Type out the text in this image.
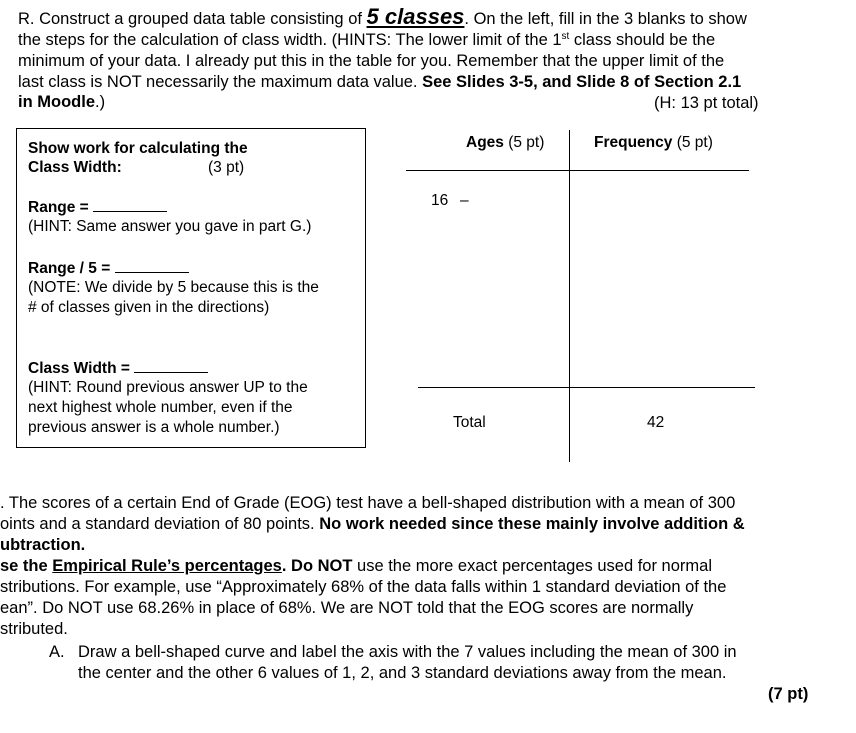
R. Construct a grouped data table consisting of 5 classes. On the left, fill in the 3 blanks to show
the steps for the calculation of class width. (HINTS: The lower limit of the 1st class should be the
minimum of your data. I already put this in the table for you. Remember that the upper limit of the
last class is NOT necessarily the maximum data value. See Slides 3-5, and Slide 8 of Section 2.1
in Moodle.)	(H: 13 pt total)
Show work for calculating the
Class Width:	(3 pt)
Range =
(HINT: Same answer you gave in part G.)
Range / 5 =
(NOTE: We divide by 5 because this is the
# of classes given in the directions)
Class Width =
(HINT: Round previous answer UP to the
next highest whole number, even if the
previous answer is a whole number.)
Ages (5 pt)	Frequency (5 pt)
16 –
Total	42
. The scores of a certain End of Grade (EOG) test have a bell-shaped distribution with a mean of 300
oints and a standard deviation of 80 points. No work needed since these mainly involve addition &
ubtraction.
se the Empirical Rule’s percentages. Do NOT use the more exact percentages used for normal
stributions. For example, use “Approximately 68% of the data falls within 1 standard deviation of the
ean”. Do NOT use 68.26% in place of 68%. We are NOT told that the EOG scores are normally
stributed.
A. Draw a bell-shaped curve and label the axis with the 7 values including the mean of 300 in
the center and the other 6 values of 1, 2, and 3 standard deviations away from the mean.
(7 pt)
